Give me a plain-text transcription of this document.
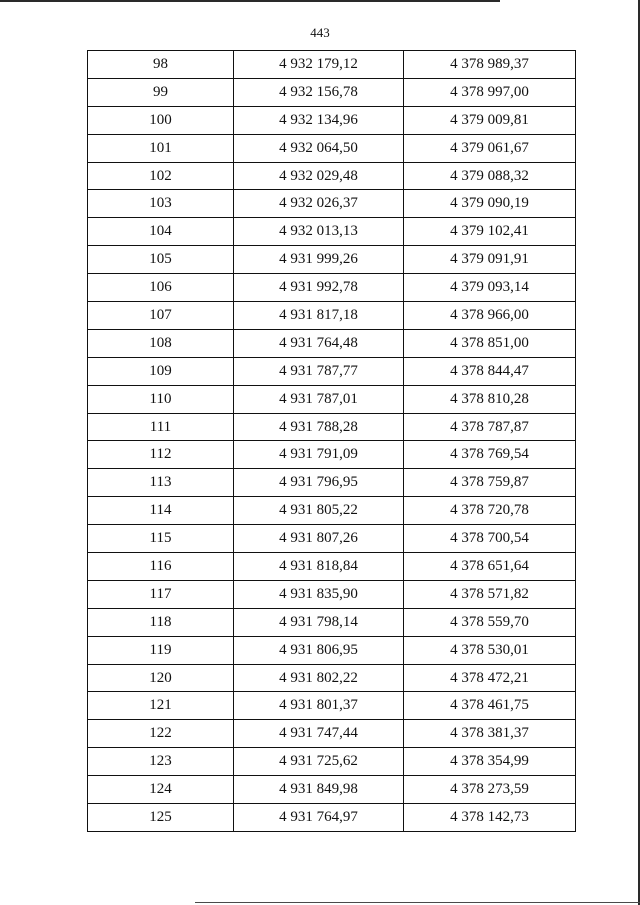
443
98	4 932 179,12	4 378 989,37
99	4 932 156,78	4 378 997,00
100	4 932 134,96	4 379 009,81
101	4 932 064,50	4 379 061,67
102	4 932 029,48	4 379 088,32
103	4 932 026,37	4 379 090,19
104	4 932 013,13	4 379 102,41
105	4 931 999,26	4 379 091,91
106	4 931 992,78	4 379 093,14
107	4 931 817,18	4 378 966,00
108	4 931 764,48	4 378 851,00
109	4 931 787,77	4 378 844,47
110	4 931 787,01	4 378 810,28
111	4 931 788,28	4 378 787,87
112	4 931 791,09	4 378 769,54
113	4 931 796,95	4 378 759,87
114	4 931 805,22	4 378 720,78
115	4 931 807,26	4 378 700,54
116	4 931 818,84	4 378 651,64
117	4 931 835,90	4 378 571,82
118	4 931 798,14	4 378 559,70
119	4 931 806,95	4 378 530,01
120	4 931 802,22	4 378 472,21
121	4 931 801,37	4 378 461,75
122	4 931 747,44	4 378 381,37
123	4 931 725,62	4 378 354,99
124	4 931 849,98	4 378 273,59
125	4 931 764,97	4 378 142,73
